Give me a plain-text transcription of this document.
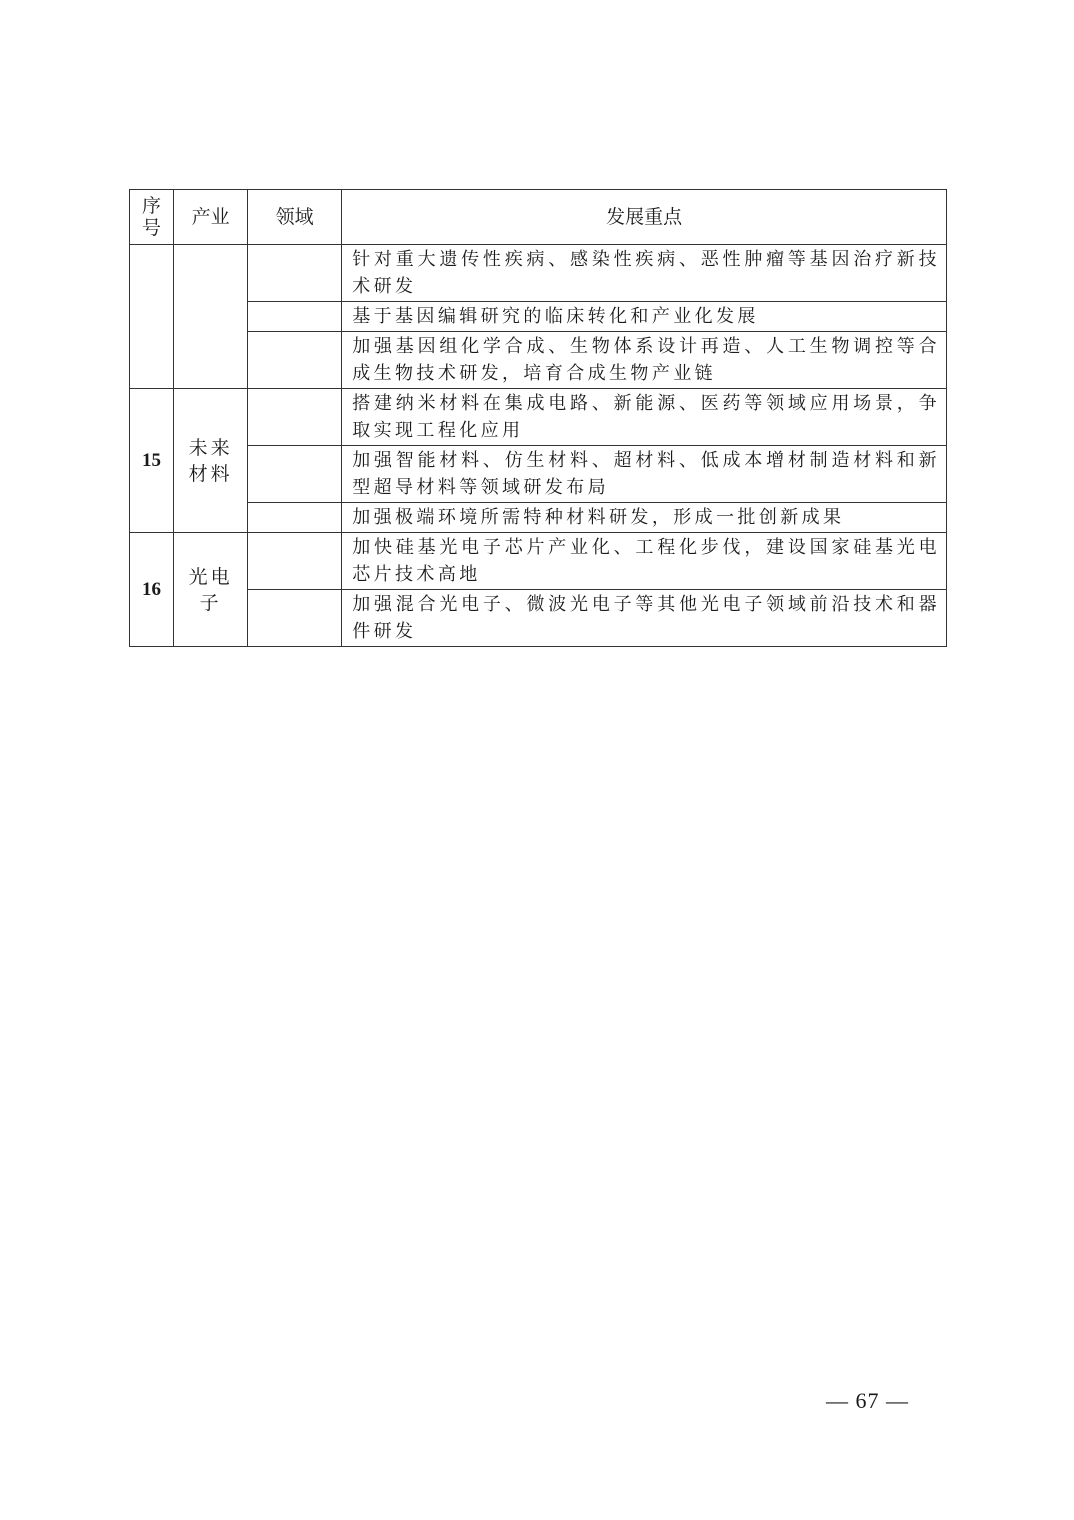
序号	产业	领域	发展重点
			针对重大遗传性疾病、感染性疾病、恶性肿瘤等基因治疗新技术研发
			基于基因编辑研究的临床转化和产业化发展
			加强基因组化学合成、生物体系设计再造、人工生物调控等合成生物技术研发，培育合成生物产业链
15	未来材料		搭建纳米材料在集成电路、新能源、医药等领域应用场景，争取实现工程化应用
			加强智能材料、仿生材料、超材料、低成本增材制造材料和新型超导材料等领域研发布局
			加强极端环境所需特种材料研发，形成一批创新成果
16	光电子		加快硅基光电子芯片产业化、工程化步伐，建设国家硅基光电芯片技术高地
			加强混合光电子、微波光电子等其他光电子领域前沿技术和器件研发
— 67 —
